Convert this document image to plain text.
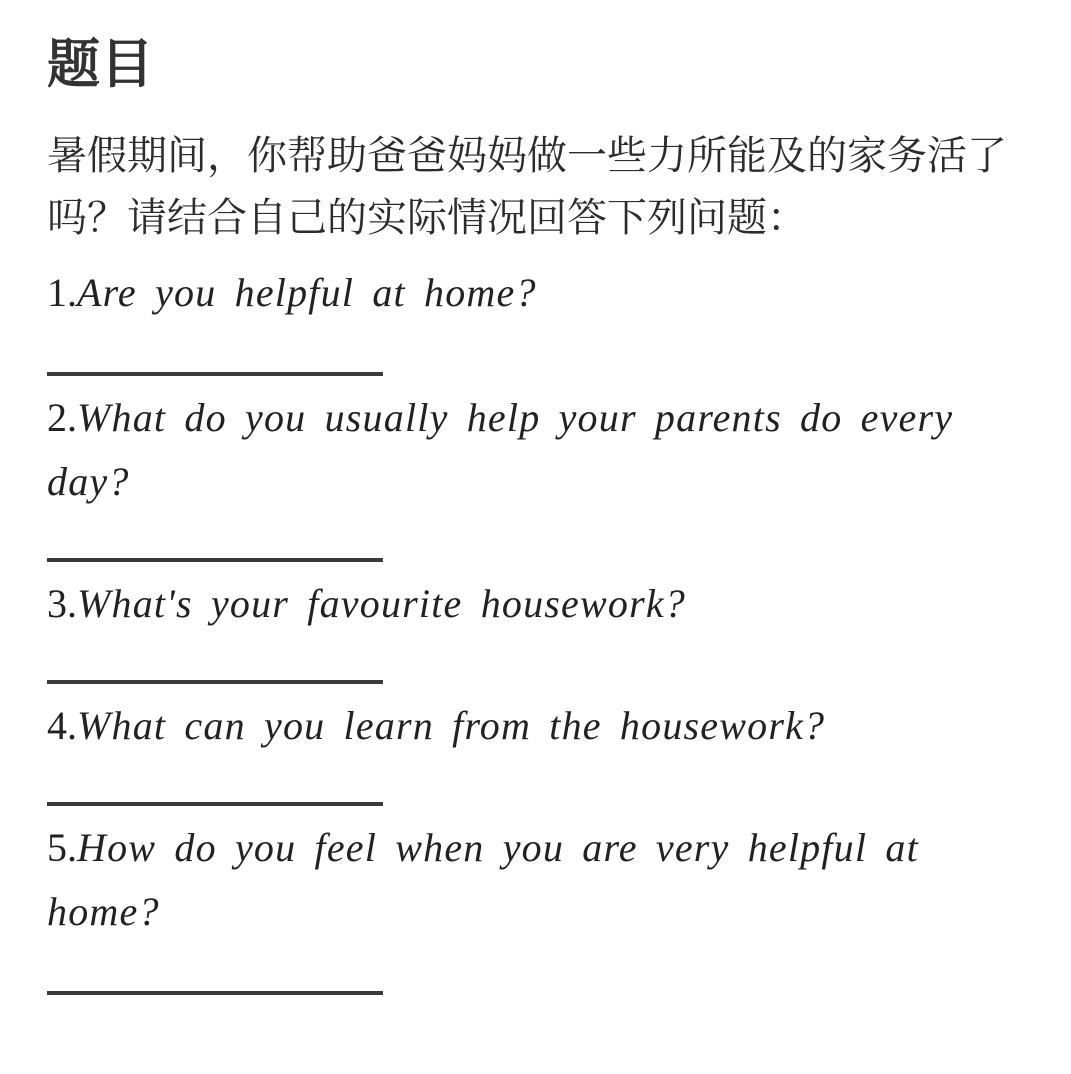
题目

暑假期间，你帮助爸爸妈妈做一些力所能及的家务活了吗？请结合自己的实际情况回答下列问题：

1.Are you helpful at home?

2.What do you usually help your parents do every day?

3.What's your favourite housework?

4.What can you learn from the housework?

5.How do you feel when you are very helpful at home?
